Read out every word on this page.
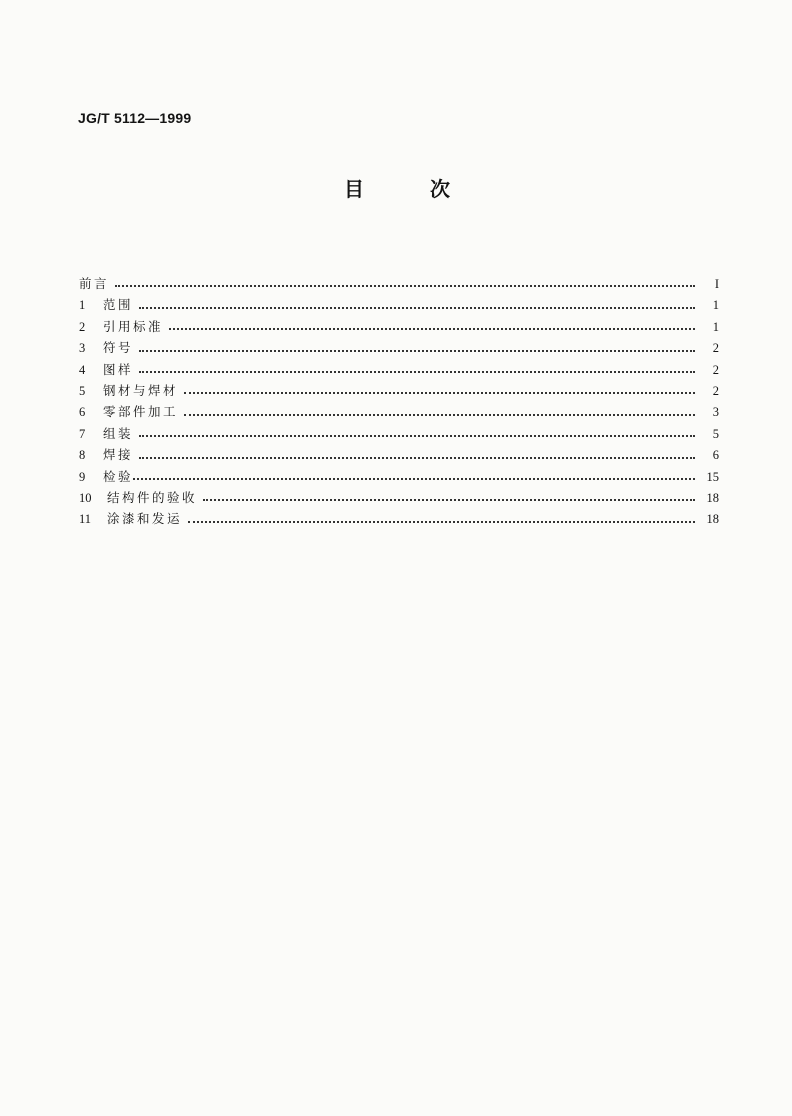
JG/T 5112—1999
目	次
前言	I
1	范围	1
2	引用标准	1
3	符号	2
4	图样	2
5	钢材与焊材	2
6	零部件加工	3
7	组装	5
8	焊接	6
9	检验	15
10	结构件的验收	18
11	涂漆和发运	18
